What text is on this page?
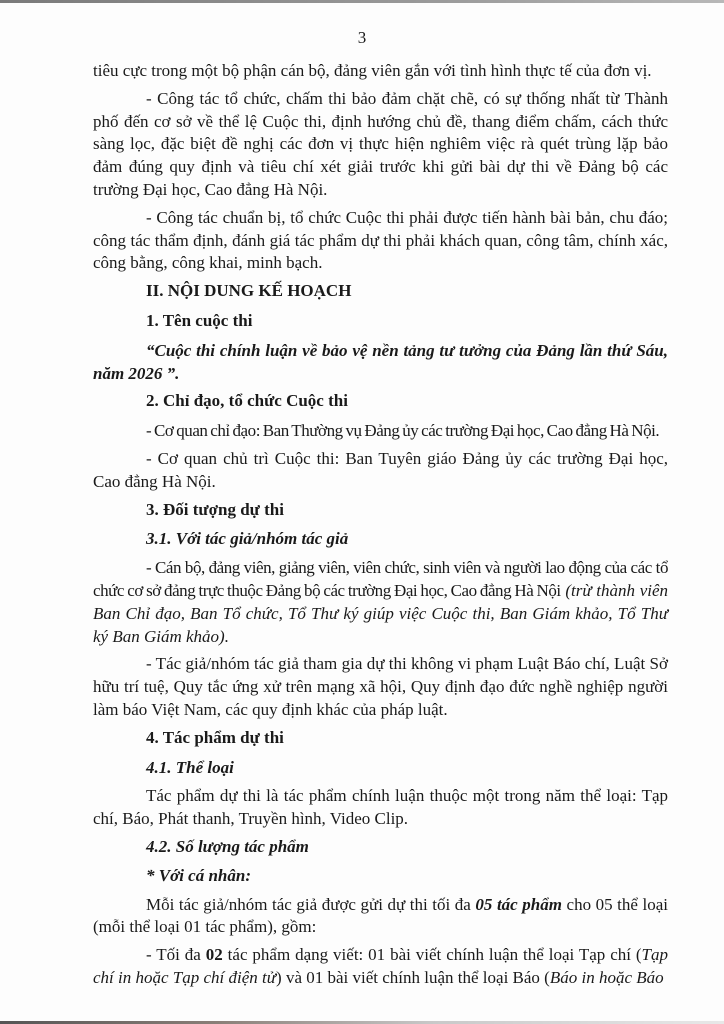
3

tiêu cực trong một bộ phận cán bộ, đảng viên gắn với tình hình thực tế của đơn vị.

- Công tác tổ chức, chấm thi bảo đảm chặt chẽ, có sự thống nhất từ Thành phố đến cơ sở về thể lệ Cuộc thi, định hướng chủ đề, thang điểm chấm, cách thức sàng lọc, đặc biệt đề nghị các đơn vị thực hiện nghiêm việc rà quét trùng lặp bảo đảm đúng quy định và tiêu chí xét giải trước khi gửi bài dự thi về Đảng bộ các trường Đại học, Cao đẳng Hà Nội.

- Công tác chuẩn bị, tổ chức Cuộc thi phải được tiến hành bài bản, chu đáo; công tác thẩm định, đánh giá tác phẩm dự thi phải khách quan, công tâm, chính xác, công bằng, công khai, minh bạch.

II. NỘI DUNG KẾ HOẠCH

1. Tên cuộc thi

“Cuộc thi chính luận về bảo vệ nền tảng tư tưởng của Đảng lần thứ Sáu, năm 2026 ”.

2. Chỉ đạo, tổ chức Cuộc thi

- Cơ quan chỉ đạo: Ban Thường vụ Đảng ủy các trường Đại học, Cao đẳng Hà Nội.

- Cơ quan chủ trì Cuộc thi: Ban Tuyên giáo Đảng ủy các trường Đại học, Cao đẳng Hà Nội.

3. Đối tượng dự thi

3.1. Với tác giả/nhóm tác giả

- Cán bộ, đảng viên, giảng viên, viên chức, sinh viên và người lao động của các tổ chức cơ sở đảng trực thuộc Đảng bộ các trường Đại học, Cao đẳng Hà Nội (trừ thành viên Ban Chỉ đạo, Ban Tổ chức, Tổ Thư ký giúp việc Cuộc thi, Ban Giám khảo, Tổ Thư ký Ban Giám khảo).

- Tác giả/nhóm tác giả tham gia dự thi không vi phạm Luật Báo chí, Luật Sở hữu trí tuệ, Quy tắc ứng xử trên mạng xã hội, Quy định đạo đức nghề nghiệp người làm báo Việt Nam, các quy định khác của pháp luật.

4. Tác phẩm dự thi

4.1. Thể loại

Tác phẩm dự thi là tác phẩm chính luận thuộc một trong năm thể loại: Tạp chí, Báo, Phát thanh, Truyền hình, Video Clip.

4.2. Số lượng tác phẩm

* Với cá nhân:

Mỗi tác giả/nhóm tác giả được gửi dự thi tối đa 05 tác phẩm cho 05 thể loại (mỗi thể loại 01 tác phẩm), gồm:

- Tối đa 02 tác phẩm dạng viết: 01 bài viết chính luận thể loại Tạp chí (Tạp chí in hoặc Tạp chí điện tử) và 01 bài viết chính luận thể loại Báo (Báo in hoặc Báo
